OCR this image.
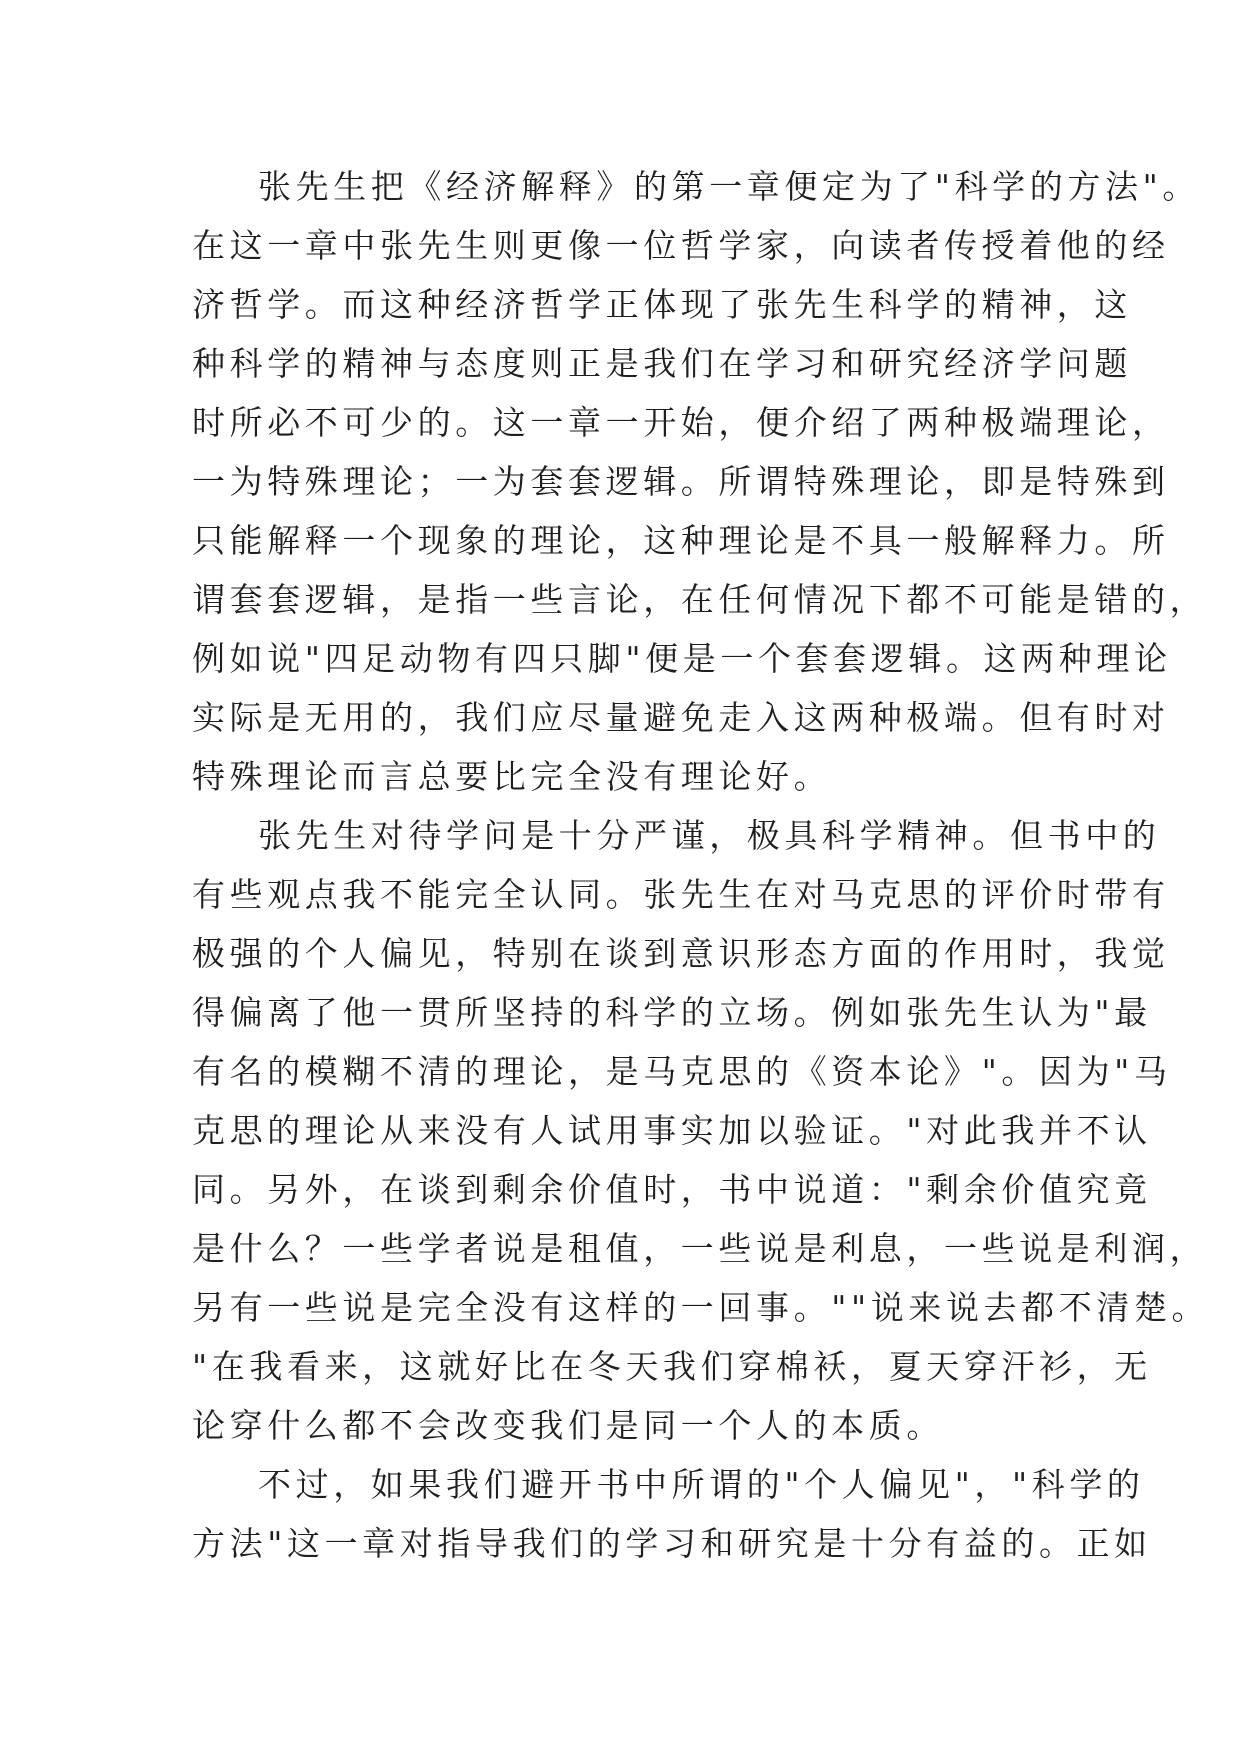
张先生把《经济解释》的第一章便定为了"科学的方法"。
在这一章中张先生则更像一位哲学家，向读者传授着他的经
济哲学。而这种经济哲学正体现了张先生科学的精神，这
种科学的精神与态度则正是我们在学习和研究经济学问题
时所必不可少的。这一章一开始，便介绍了两种极端理论，
一为特殊理论；一为套套逻辑。所谓特殊理论，即是特殊到
只能解释一个现象的理论，这种理论是不具一般解释力。所
谓套套逻辑，是指一些言论，在任何情况下都不可能是错的，
例如说"四足动物有四只脚"便是一个套套逻辑。这两种理论
实际是无用的，我们应尽量避免走入这两种极端。但有时对
特殊理论而言总要比完全没有理论好。
张先生对待学问是十分严谨，极具科学精神。但书中的
有些观点我不能完全认同。张先生在对马克思的评价时带有
极强的个人偏见，特别在谈到意识形态方面的作用时，我觉
得偏离了他一贯所坚持的科学的立场。例如张先生认为"最
有名的模糊不清的理论，是马克思的《资本论》"。因为"马
克思的理论从来没有人试用事实加以验证。"对此我并不认
同。另外，在谈到剩余价值时，书中说道："剩余价值究竟
是什么？一些学者说是租值，一些说是利息，一些说是利润，
另有一些说是完全没有这样的一回事。""说来说去都不清楚。
"在我看来，这就好比在冬天我们穿棉袄，夏天穿汗衫，无
论穿什么都不会改变我们是同一个人的本质。
不过，如果我们避开书中所谓的"个人偏见"，"科学的
方法"这一章对指导我们的学习和研究是十分有益的。正如
